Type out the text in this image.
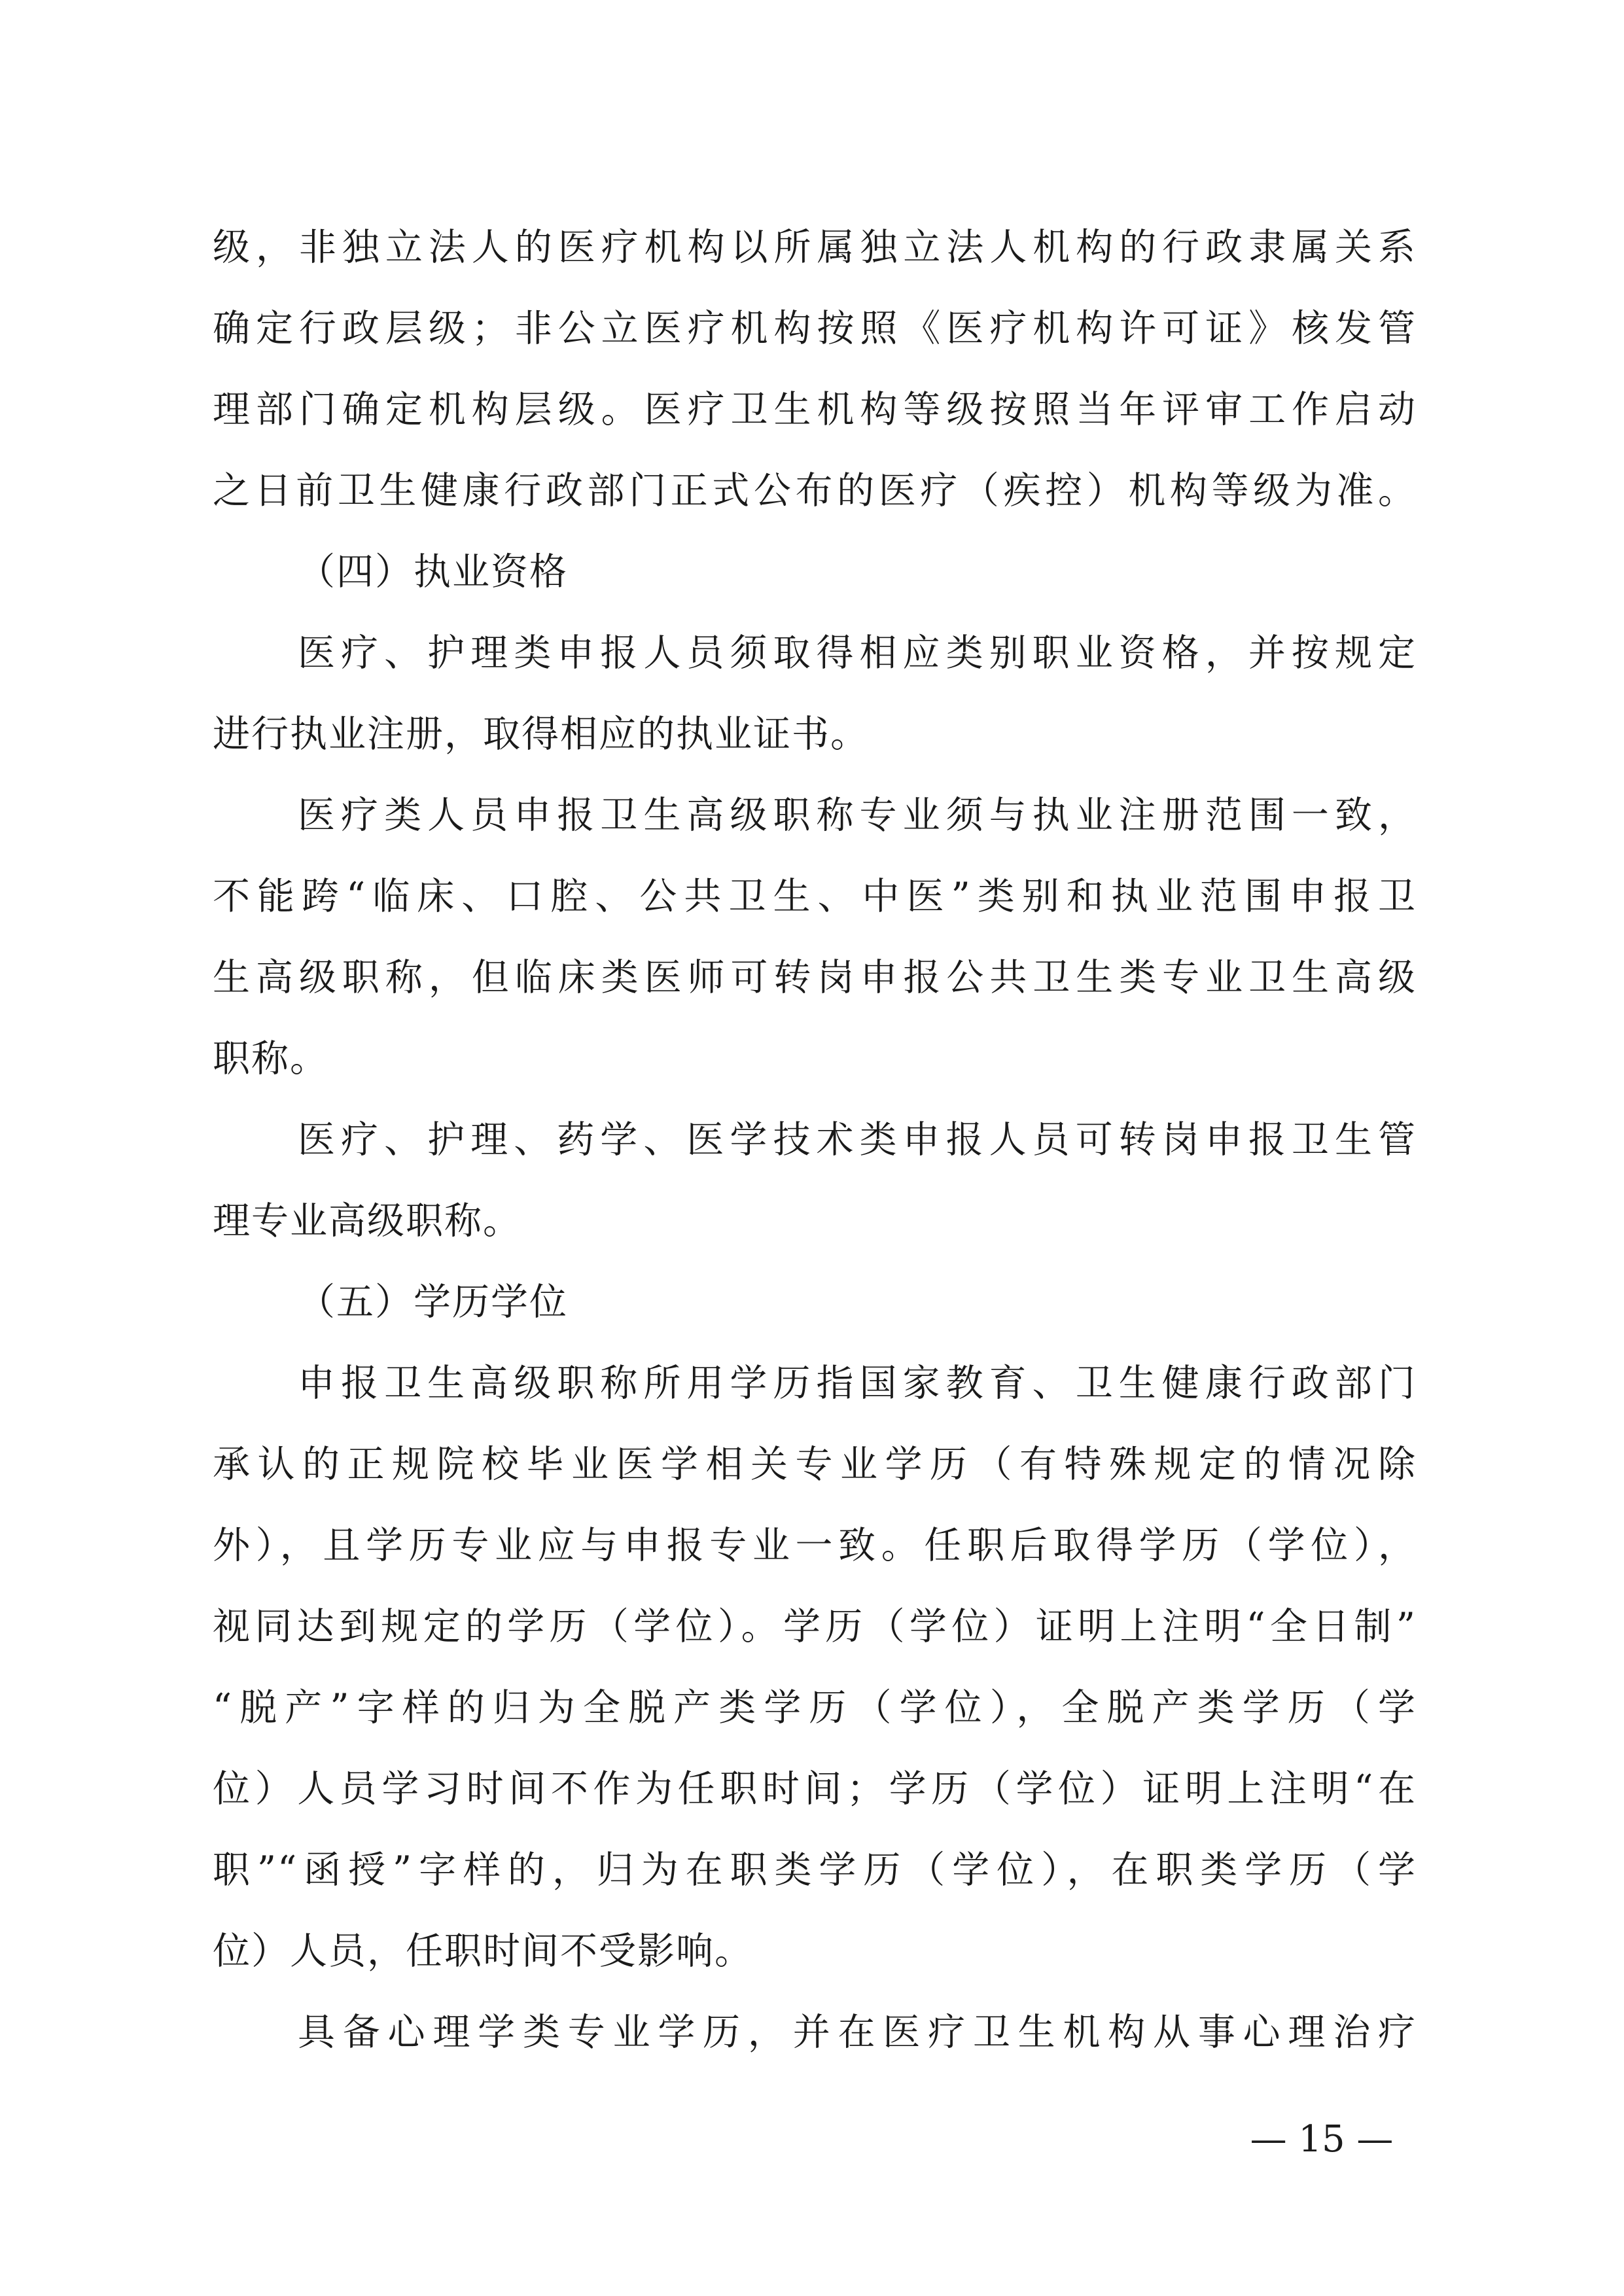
级，非独立法人的医疗机构以所属独立法人机构的行政隶属关系
确定行政层级；非公立医疗机构按照《医疗机构许可证》核发管
理部门确定机构层级。医疗卫生机构等级按照当年评审工作启动
之日前卫生健康行政部门正式公布的医疗（疾控）机构等级为准。
（四）执业资格
医疗、护理类申报人员须取得相应类别职业资格，并按规定
进行执业注册，取得相应的执业证书。
医疗类人员申报卫生高级职称专业须与执业注册范围一致，
不能跨“临床、口腔、公共卫生、中医”类别和执业范围申报卫
生高级职称，但临床类医师可转岗申报公共卫生类专业卫生高级
职称。
医疗、护理、药学、医学技术类申报人员可转岗申报卫生管
理专业高级职称。
（五）学历学位
申报卫生高级职称所用学历指国家教育、卫生健康行政部门
承认的正规院校毕业医学相关专业学历（有特殊规定的情况除
外），且学历专业应与申报专业一致。任职后取得学历（学位），
视同达到规定的学历（学位）。学历（学位）证明上注明“全日制”
“脱产”字样的归为全脱产类学历（学位），全脱产类学历（学
位）人员学习时间不作为任职时间；学历（学位）证明上注明“在
职”“函授”字样的，归为在职类学历（学位），在职类学历（学
位）人员，任职时间不受影响。
具备心理学类专业学历，并在医疗卫生机构从事心理治疗
— 15 —
